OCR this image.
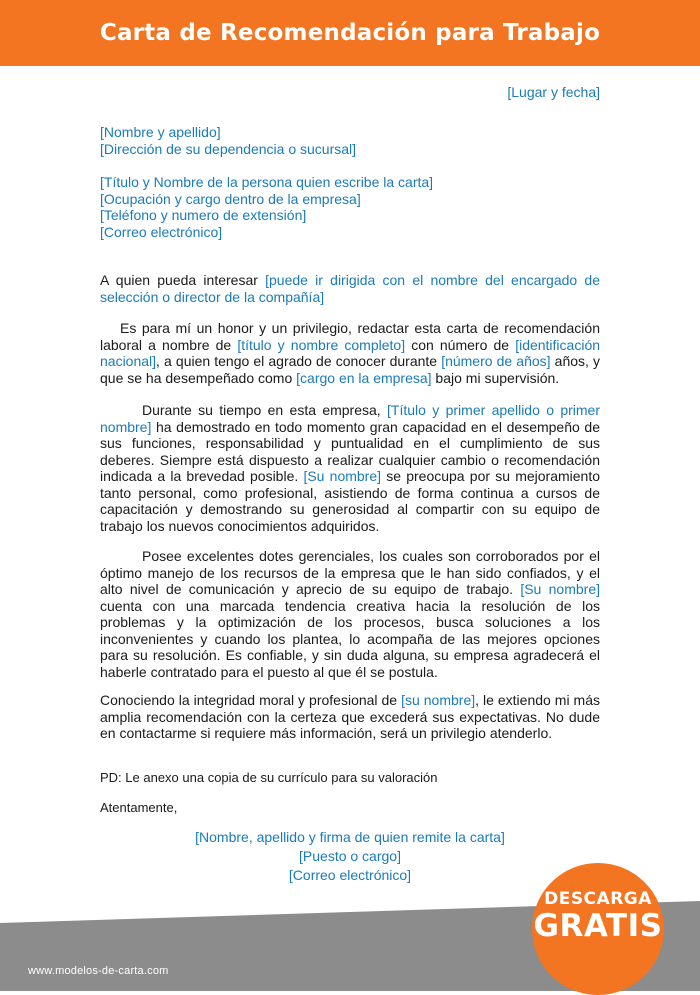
Carta de Recomendación para Trabajo
[Lugar y fecha]
[Nombre y apellido]
[Dirección de su dependencia o sucursal]
[Título y Nombre de la persona quien escribe la carta]
[Ocupación y cargo dentro de la empresa]
[Teléfono y numero de extensión]
[Correo electrónico]
A quien pueda interesar [puede ir dirigida con el nombre del encargado de selección o director de la compañía]
Es para mí un honor y un privilegio, redactar esta carta de recomendación laboral a nombre de [título y nombre completo] con número de [identificación nacional], a quien tengo el agrado de conocer durante [número de años] años, y que se ha desempeñado como [cargo en la empresa] bajo mi supervisión.
Durante su tiempo en esta empresa, [Título y primer apellido o primer nombre] ha demostrado en todo momento gran capacidad en el desempeño de sus funciones, responsabilidad y puntualidad en el cumplimiento de sus deberes. Siempre está dispuesto a realizar cualquier cambio o recomendación indicada a la brevedad posible. [Su nombre] se preocupa por su mejoramiento tanto personal, como profesional, asistiendo de forma continua a cursos de capacitación y demostrando su generosidad al compartir con su equipo de trabajo los nuevos conocimientos adquiridos.
Posee excelentes dotes gerenciales, los cuales son corroborados por el óptimo manejo de los recursos de la empresa que le han sido confiados, y el alto nivel de comunicación y aprecio de su equipo de trabajo. [Su nombre] cuenta con una marcada tendencia creativa hacia la resolución de los problemas y la optimización de los procesos, busca soluciones a los inconvenientes y cuando los plantea, lo acompaña de las mejores opciones para su resolución. Es confiable, y sin duda alguna, su empresa agradecerá el haberle contratado para el puesto al que él se postula.
Conociendo la integridad moral y profesional de [su nombre], le extiendo mi más amplia recomendación con la certeza que excederá sus expectativas. No dude en contactarme si requiere más información, será un privilegio atenderlo.
PD: Le anexo una copia de su currículo para su valoración
Atentamente,
[Nombre, apellido y firma de quien remite la carta]
[Puesto o cargo]
[Correo electrónico]
www.modelos-de-carta.com
DESCARGA
GRATIS
